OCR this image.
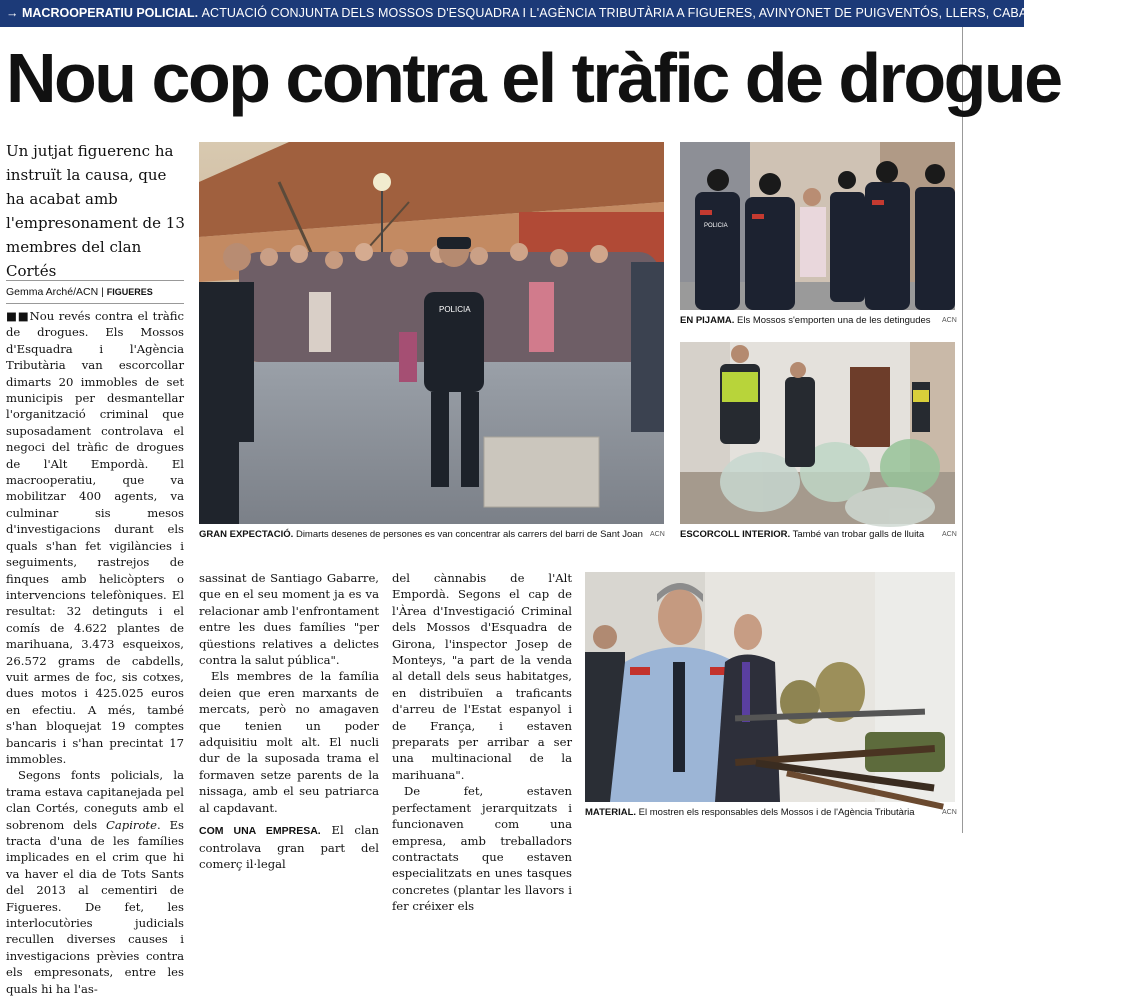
→ MACROOPERATIU POLICIAL. ACTUACIÓ CONJUNTA DELS MOSSOS D'ESQUADRA I L'AGÈNCIA TRIBUTÀRIA A FIGUERES, AVINYONET DE PUIGVENTÓS, LLERS, CABANES, SANT MIQU
Nou cop contra el tràfic de drogue
Un jutjat figuerenc ha instruït la causa, que ha acabat amb l'empresonament de 13 membres del clan Cortés
Gemma Arché/ACN | FIGUERES

■■Nou revés contra el tràfic de drogues. Els Mossos d'Esquadra i l'Agència Tributària van escorcollar dimarts 20 immobles de set municipis per desmantellar l'organització criminal que suposadament controlava el negoci del tràfic de drogues de l'Alt Empordà. El macrooperatiu, que va mobilitzar 400 agents, va culminar sis mesos d'investigacions durant els quals s'han fet vigilàncies i seguiments, rastrejos de finques amb helicòpters o intervencions telefòniques. El resultat: 32 detinguts i el comís de 4.622 plantes de marihuana, 3.473 esqueixos, 26.572 grams de cabdells, vuit armes de foc, sis cotxes, dues motos i 425.025 euros en efectiu. A més, també s'han bloquejat 19 comptes bancaris i s'han precintat 17 immobles.

Segons fonts policials, la trama estava capitanejada pel clan Cortés, coneguts amb el sobrenom dels Capirote. Es tracta d'una de les famílies implicades en el crim que hi va haver el dia de Tots Sants del 2013 al cementiri de Figueres. De fet, les interlocutòries judicials recullen diverses causes i investigacions prèvies contra els empresonats, entre les quals hi ha l'as-

sassinat de Santiago Gabarre, que en el seu moment ja es va relacionar amb l'enfrontament entre les dues famílies "per qüestions relatives a delictes contra la salut pública".

Els membres de la família deien que eren marxants de mercats, però no amagaven que tenien un poder adquisitiu molt alt. El nucli dur de la suposada trama el formaven setze parents de la nissaga, amb el seu patriarca al capdavant.

COM UNA EMPRESA. El clan controlava gran part del comerç il·legal

del cànnabis de l'Alt Empordà. Segons el cap de l'Àrea d'Investigació Criminal dels Mossos d'Esquadra de Girona, l'inspector Josep de Monteys, "a part de la venda al detall dels seus habitatges, en distribuïen a traficants d'arreu de l'Estat espanyol i de França, i estaven preparats per arribar a ser una multinacional de la marihuana".

De fet, estaven perfectament jerarquitzats i funcionaven com una empresa, amb treballadors contractats que estaven especialitzats en unes tasques concretes (plantar les llavors i fer créixer els

POLICIA
GRAN EXPECTACIÓ. Dimarts desenes de persones es van concentrar als carrers del barri de Sant Joan ACN
POLICIA
EN PIJAMA. Els Mossos s'emporten una de les detingudes	ACN
ESCORCOLL INTERIOR. També van trobar galls de lluita	ACN
MATERIAL. El mostren els responsables dels Mossos i de l'Agència Tributària	ACN
